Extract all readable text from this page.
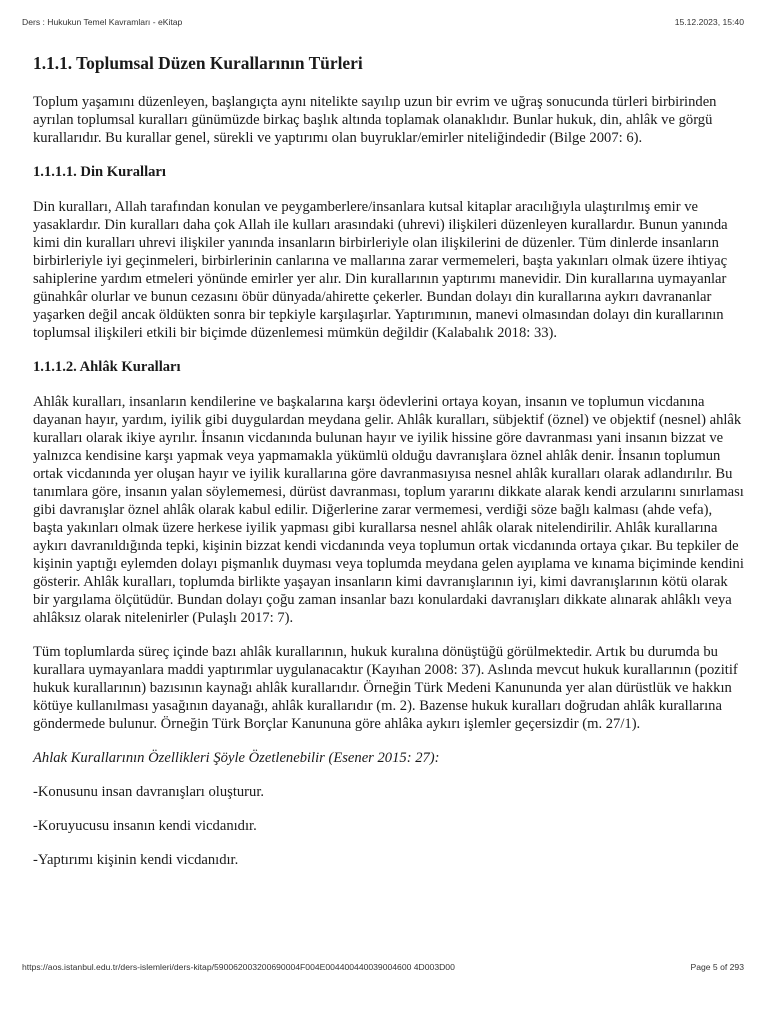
Ders : Hukukun Temel Kavramları - eKitap	15.12.2023, 15:40
1.1.1. Toplumsal Düzen Kurallarının Türleri

Toplum yaşamını düzenleyen, başlangıçta aynı nitelikte sayılıp uzun bir evrim ve uğraş sonucunda türleri birbirinden ayrılan toplumsal kuralları günümüzde birkaç başlık altında toplamak olanaklıdır. Bunlar hukuk, din, ahlâk ve görgü kurallarıdır. Bu kurallar genel, sürekli ve yaptırımı olan buyruklar/emirler niteliğindedir (Bilge 2007: 6).

1.1.1.1. Din Kuralları

Din kuralları, Allah tarafından konulan ve peygamberlere/insanlara kutsal kitaplar aracılığıyla ulaştırılmış emir ve yasaklardır. Din kuralları daha çok Allah ile kulları arasındaki (uhrevi) ilişkileri düzenleyen kurallardır. Bunun yanında kimi din kuralları uhrevi ilişkiler yanında insanların birbirleriyle olan ilişkilerini de düzenler. Tüm dinlerde insanların birbirleriyle iyi geçinmeleri, birbirlerinin canlarına ve mallarına zarar vermemeleri, başta yakınları olmak üzere ihtiyaç sahiplerine yardım etmeleri yönünde emirler yer alır. Din kurallarının yaptırımı manevidir. Din kurallarına uymayanlar günahkâr olurlar ve bunun cezasını öbür dünyada/ahirette çekerler. Bundan dolayı din kurallarına aykırı davrananlar yaşarken değil ancak öldükten sonra bir tepkiyle karşılaşırlar. Yaptırımının, manevi olmasından dolayı din kurallarının toplumsal ilişkileri etkili bir biçimde düzenlemesi mümkün değildir (Kalabalık 2018: 33).

1.1.1.2. Ahlâk Kuralları

Ahlâk kuralları, insanların kendilerine ve başkalarına karşı ödevlerini ortaya koyan, insanın ve toplumun vicdanına dayanan hayır, yardım, iyilik gibi duygulardan meydana gelir. Ahlâk kuralları, sübjektif (öznel) ve objektif (nesnel) ahlâk kuralları olarak ikiye ayrılır. İnsanın vicdanında bulunan hayır ve iyilik hissine göre davranması yani insanın bizzat ve yalnızca kendisine karşı yapmak veya yapmamakla yükümlü olduğu davranışlara öznel ahlâk denir. İnsanın toplumun ortak vicdanında yer oluşan hayır ve iyilik kurallarına göre davranmasıyısa nesnel ahlâk kuralları olarak adlandırılır. Bu tanımlara göre, insanın yalan söylememesi, dürüst davranması, toplum yararını dikkate alarak kendi arzularını sınırlaması gibi davranışlar öznel ahlâk olarak kabul edilir. Diğerlerine zarar vermemesi, verdiği söze bağlı kalması (ahde vefa), başta yakınları olmak üzere herkese iyilik yapması gibi kurallarsa nesnel ahlâk olarak nitelendirilir. Ahlâk kurallarına aykırı davranıldığında tepki, kişinin bizzat kendi vicdanında veya toplumun ortak vicdanında ortaya çıkar. Bu tepkiler de kişinin yaptığı eylemden dolayı pişmanlık duyması veya toplumda meydana gelen ayıplama ve kınama biçiminde kendini gösterir. Ahlâk kuralları, toplumda birlikte yaşayan insanların kimi davranışlarının iyi, kimi davranışlarının kötü olarak bir yargılama ölçütüdür. Bundan dolayı çoğu zaman insanlar bazı konulardaki davranışları dikkate alınarak ahlâklı veya ahlâksız olarak nitelenirler (Pulaşlı 2017: 7).

Tüm toplumlarda süreç içinde bazı ahlâk kurallarının, hukuk kuralına dönüştüğü görülmektedir. Artık bu durumda bu kurallara uymayanlara maddi yaptırımlar uygulanacaktır (Kayıhan 2008: 37). Aslında mevcut hukuk kurallarının (pozitif hukuk kurallarının) bazısının kaynağı ahlâk kurallarıdır. Örneğin Türk Medeni Kanununda yer alan dürüstlük ve hakkın kötüye kullanılması yasağının dayanağı, ahlâk kurallarıdır (m. 2). Bazense hukuk kuralları doğrudan ahlâk kurallarına göndermede bulunur. Örneğin Türk Borçlar Kanununa göre ahlâka aykırı işlemler geçersizdir (m. 27/1).

Ahlak Kurallarının Özellikleri Şöyle Özetlenebilir (Esener 2015: 27):

-Konusunu insan davranışları oluşturur.

-Koruyucusu insanın kendi vicdanıdır.

-Yaptırımı kişinin kendi vicdanıdır.

https://aos.istanbul.edu.tr/ders-islemleri/ders-kitap/590062003200690004F004E004400440039004600 4D003D00	Page 5 of 293
